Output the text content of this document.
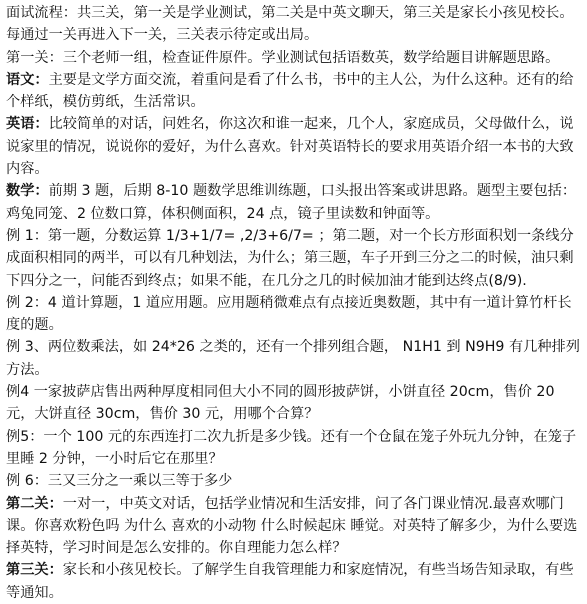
面试流程：共三关，第一关是学业测试，第二关是中英文聊天，第三关是家长小孩见校长。每通过一关再进入下一关，三关表示待定或出局。

第一关：三个老师一组，检查证件原件。学业测试包括语数英，数学给题目讲解题思路。

语文：主要是文学方面交流，着重问是看了什么书，书中的主人公，为什么这种。还有的给个样纸，模仿剪纸，生活常识。

英语：比较简单的对话，问姓名，你这次和谁一起来，几个人，家庭成员，父母做什么，说说家里的情况，说说你的爱好，为什么喜欢。针对英语特长的要求用英语介绍一本书的大致内容。

数学：前期 3 题，后期 8-10 题数学思维训练题，口头报出答案或讲思路。题型主要包括：鸡兔同笼、2 位数口算，体积侧面积，24 点，镜子里读数和钟面等。

例 1：第一题，分数运算 1/3+1/7= ,2/3+6/7= ；第二题，对一个长方形面积划一条线分成面积相同的两半，可以有几种划法，为什么；第三题，车子开到三分之二的时候，油只剩下四分之一，问能否到终点；如果不能，在几分之几的时候加油才能到达终点(8/9).

例 2：4 道计算题，1 道应用题。应用题稍微难点有点接近奥数题，其中有一道计算竹杆长度的题。

例 3、两位数乘法，如 24*26 之类的，还有一个排列组合题， N1H1 到 N9H9 有几种排列方法。

例4 一家披萨店售出两种厚度相同但大小不同的圆形披萨饼，小饼直径 20cm，售价 20 元，大饼直径 30cm，售价 30 元，用哪个合算？

例5：一个 100 元的东西连打二次九折是多少钱。还有一个仓鼠在笼子外玩九分钟，在笼子里睡 2 分钟，一小时后它在那里？

例 6：三又三分之一乘以三等于多少

第二关：一对一，中英文对话，包括学业情况和生活安排，问了各门课业情况.最喜欢哪门课。你喜欢粉色吗 为什么 喜欢的小动物 什么时候起床 睡觉。对英特了解多少，为什么要选择英特，学习时间是怎么安排的。你自理能力怎么样？

第三关：家长和小孩见校长。了解学生自我管理能力和家庭情况，有些当场告知录取，有些等通知。
